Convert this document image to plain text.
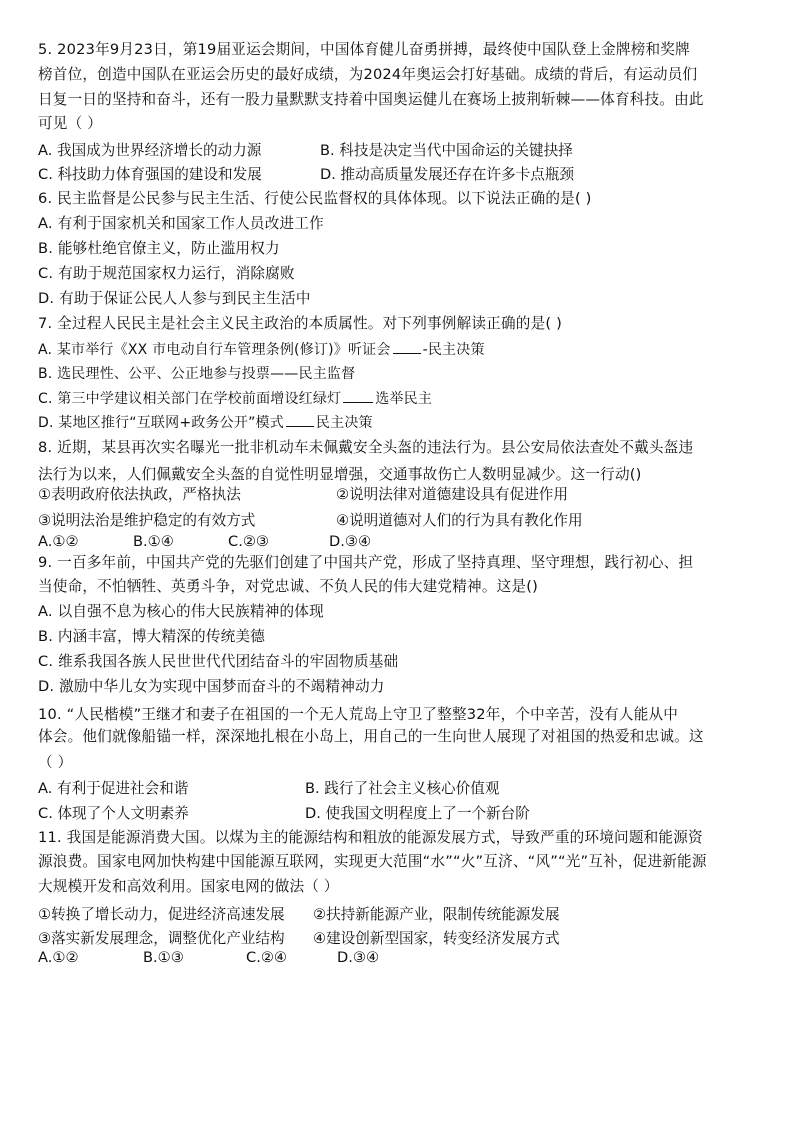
5. 2023年9月23日，第19届亚运会期间，中国体育健儿奋勇拼搏，最终使中国队登上金牌榜和奖牌
榜首位，创造中国队在亚运会历史的最好成绩，为2024年奥运会打好基础。成绩的背后，有运动员们
日复一日的坚持和奋斗，还有一股力量默默支持着中国奥运健儿在赛场上披荆斩棘——体育科技。由此
可见（ ）
A. 我国成为世界经济增长的动力源	B. 科技是决定当代中国命运的关键抉择
C. 科技助力体育强国的建设和发展	D. 推动高质量发展还存在许多卡点瓶颈
6. 民主监督是公民参与民主生活、行使公民监督权的具体体现。以下说法正确的是( )
A. 有利于国家机关和国家工作人员改进工作
B. 能够杜绝官僚主义，防止滥用权力
C. 有助于规范国家权力运行，消除腐败
D. 有助于保证公民人人参与到民主生活中
7. 全过程人民民主是社会主义民主政治的本质属性。对下列事例解读正确的是( )
A. 某市举行《XX 市电动自行车管理条例(修订)》听证会 -民主决策
B. 选民理性、公平、公正地参与投票——民主监督
C. 第三中学建议相关部门在学校前面增设红绿灯 选举民主
D. 某地区推行“互联网+政务公开”模式 民主决策
8. 近期，某县再次实名曝光一批非机动车未佩戴安全头盔的违法行为。县公安局依法查处不戴头盔违
法行为以来，人们佩戴安全头盔的自觉性明显增强，交通事故伤亡人数明显减少。这一行动()
①表明政府依法执政，严格执法	②说明法律对道德建设具有促进作用
③说明法治是维护稳定的有效方式	④说明道德对人们的行为具有教化作用
A.①②	B.①④	C.②③	D.③④
9. 一百多年前，中国共产党的先驱们创建了中国共产党，形成了坚持真理、坚守理想，践行初心、担
当使命，不怕牺牲、英勇斗争，对党忠诚、不负人民的伟大建党精神。这是()
A. 以自强不息为核心的伟大民族精神的体现
B. 内涵丰富，博大精深的传统美德
C. 维系我国各族人民世世代代团结奋斗的牢固物质基础
D. 激励中华儿女为实现中国梦而奋斗的不竭精神动力
10. “人民楷模”王继才和妻子在祖国的一个无人荒岛上守卫了整整32年，个中辛苦，没有人能从中
体会。他们就像船锚一样，深深地扎根在小岛上，用自己的一生向世人展现了对祖国的热爱和忠诚。这
（ ）
A. 有利于促进社会和谐	B. 践行了社会主义核心价值观
C. 体现了个人文明素养	D. 使我国文明程度上了一个新台阶
11. 我国是能源消费大国。以煤为主的能源结构和粗放的能源发展方式，导致严重的环境问题和能源资
源浪费。国家电网加快构建中国能源互联网，实现更大范围“水”“火”互济、“风”“光”互补，促进新能源
大规模开发和高效利用。国家电网的做法（ ）
①转换了增长动力，促进经济高速发展 ②扶持新能源产业，限制传统能源发展
③落实新发展理念，调整优化产业结构 ④建设创新型国家，转变经济发展方式
A.①②	B.①③	C.②④	D.③④
